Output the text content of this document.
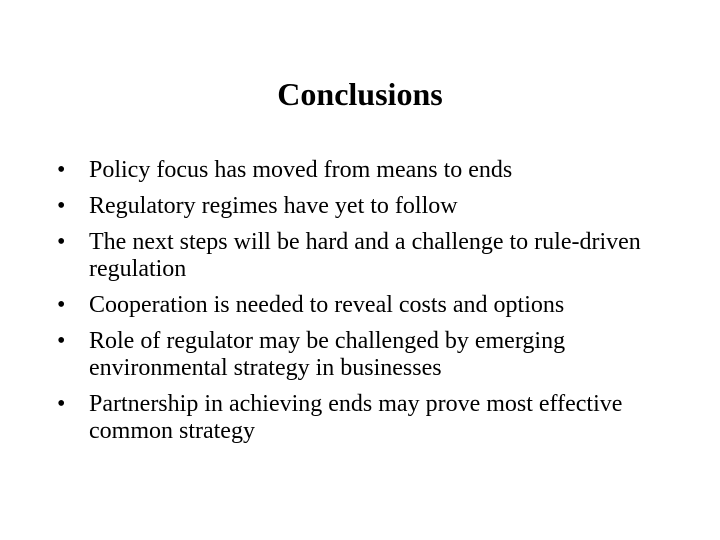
Conclusions
• Policy focus has moved from means to ends
• Regulatory regimes have yet to follow
• The next steps will be hard and a challenge to rule-driven regulation
• Cooperation is needed to reveal costs and options
• Role of regulator may be challenged by emerging environmental strategy in businesses
• Partnership in achieving ends may prove most effective common strategy
